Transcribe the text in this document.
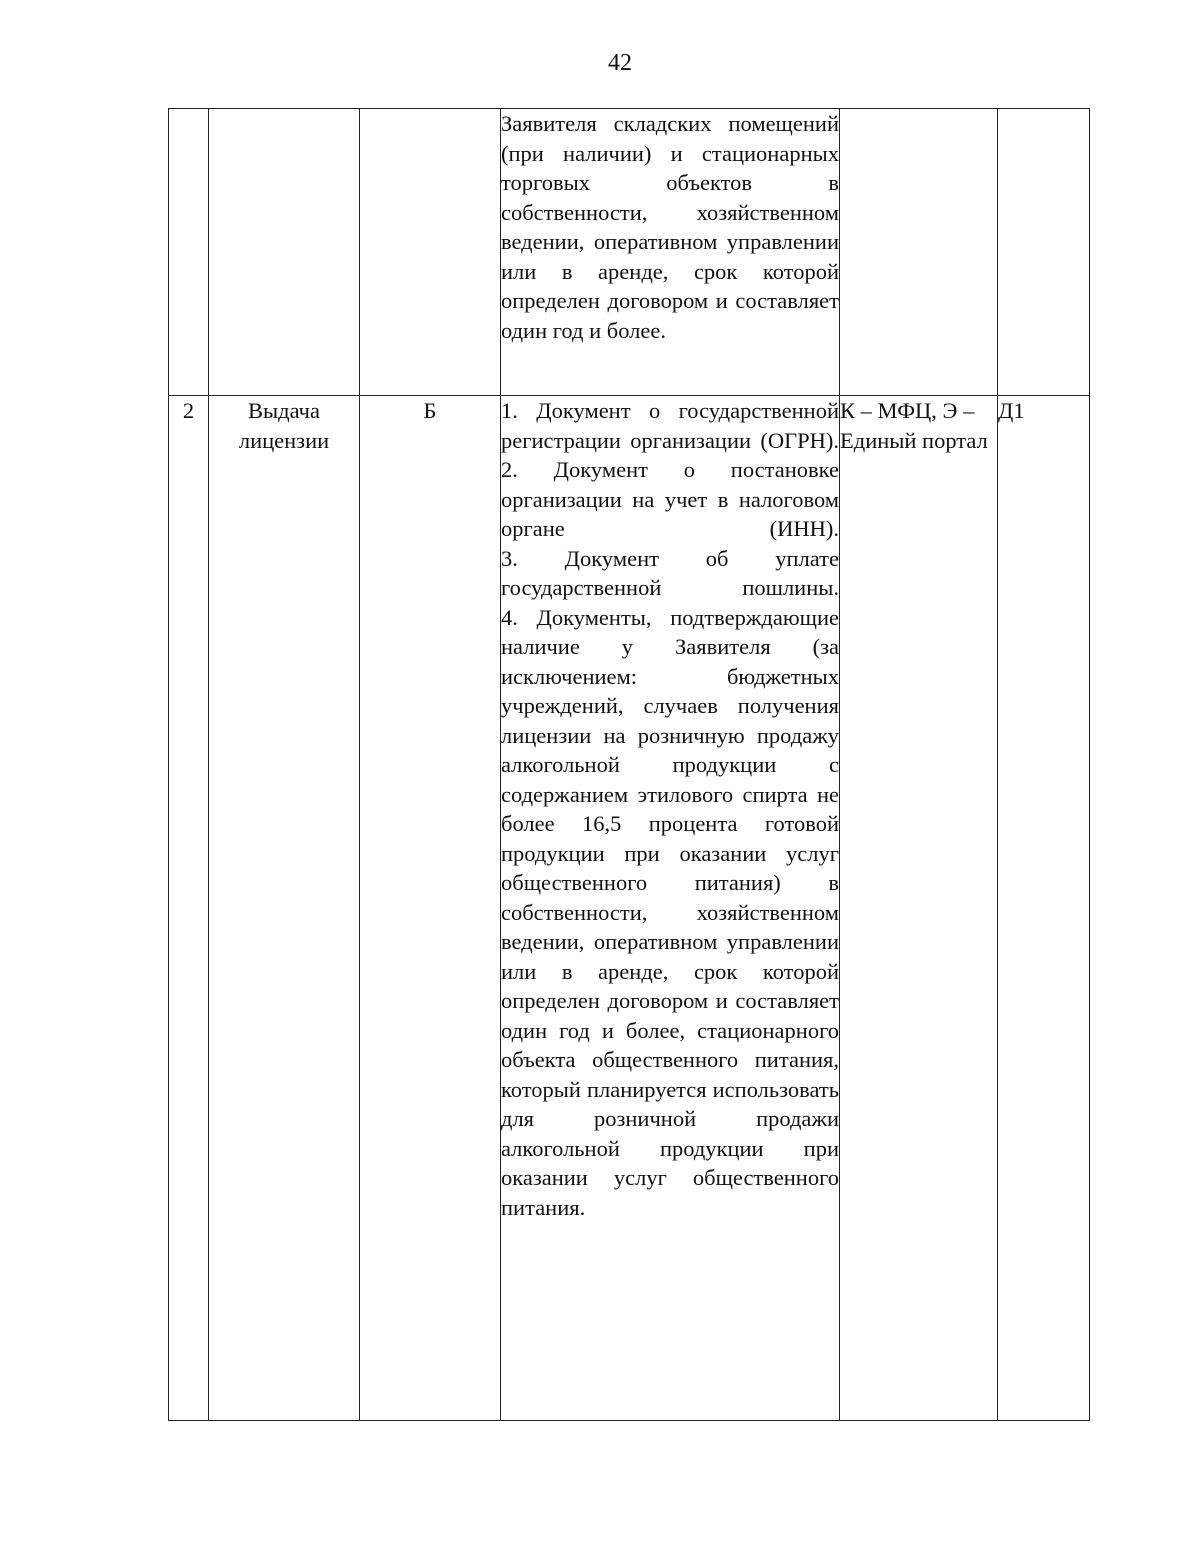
42

			Заявителя складских помещений (при наличии) и стационарных торговых объектов в собственности, хозяйственном ведении, оперативном управлении или в аренде, срок которой определен договором и составляет один год и более.		

2	Выдача лицензии	Б	1. Документ о государственной регистрации организации (ОГРН).
2. Документ о постановке организации на учет в налоговом органе (ИНН).
3. Документ об уплате государственной пошлины.
4. Документы, подтверждающие наличие у Заявителя (за исключением: бюджетных учреждений, случаев получения лицензии на розничную продажу алкогольной продукции с содержанием этилового спирта не более 16,5 процента готовой продукции при оказании услуг общественного питания) в собственности, хозяйственном ведении, оперативном управлении или в аренде, срок которой определен договором и составляет один год и более, стационарного объекта общественного питания, который планируется использовать для розничной продажи алкогольной продукции при оказании услуг общественного питания.	К – МФЦ, Э – Единый портал	Д1
